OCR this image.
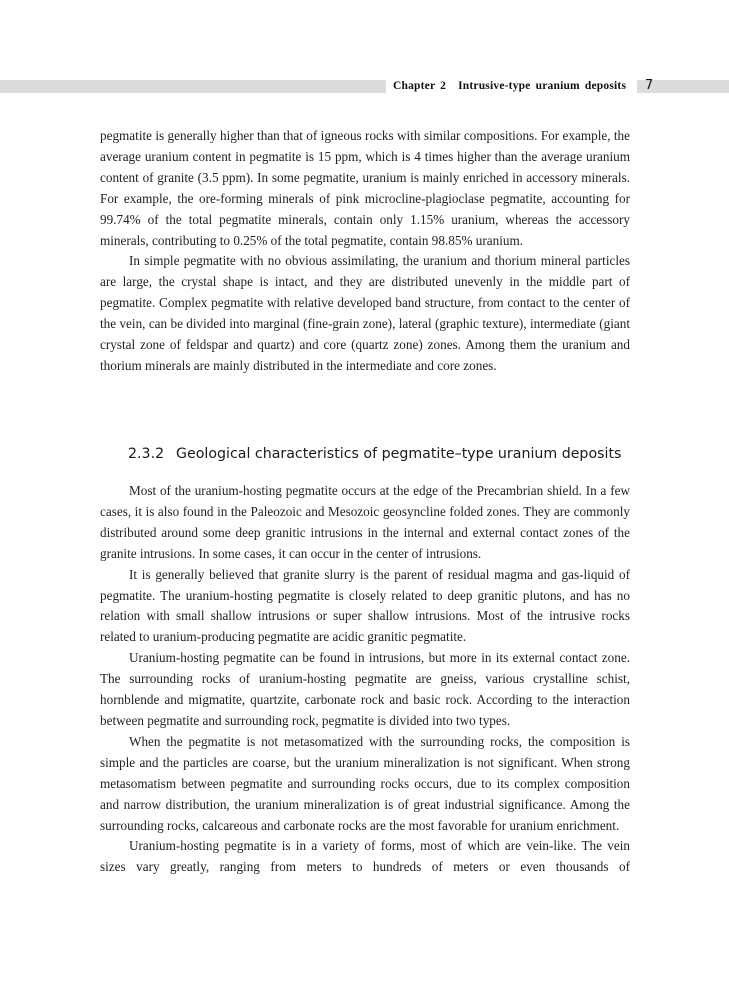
Chapter 2 Intrusive-type uranium deposits 7

pegmatite is generally higher than that of igneous rocks with similar compositions. For example, the average uranium content in pegmatite is 15 ppm, which is 4 times higher than the average uranium content of granite (3.5 ppm). In some pegmatite, uranium is mainly enriched in accessory minerals. For example, the ore-forming minerals of pink microcline-plagioclase pegmatite, accounting for 99.74% of the total pegmatite minerals, contain only 1.15% uranium, whereas the accessory minerals, contributing to 0.25% of the total pegmatite, contain 98.85% uranium.

In simple pegmatite with no obvious assimilating, the uranium and thorium mineral particles are large, the crystal shape is intact, and they are distributed unevenly in the middle part of pegmatite. Complex pegmatite with relative developed band structure, from contact to the center of the vein, can be divided into marginal (fine-grain zone), lateral (graphic texture), intermediate (giant crystal zone of feldspar and quartz) and core (quartz zone) zones. Among them the uranium and thorium minerals are mainly distributed in the intermediate and core zones.

2.3.2 Geological characteristics of pegmatite–type uranium deposits

Most of the uranium-hosting pegmatite occurs at the edge of the Precambrian shield. In a few cases, it is also found in the Paleozoic and Mesozoic geosyncline folded zones. They are commonly distributed around some deep granitic intrusions in the internal and external contact zones of the granite intrusions. In some cases, it can occur in the center of intrusions.

It is generally believed that granite slurry is the parent of residual magma and gas-liquid of pegmatite. The uranium-hosting pegmatite is closely related to deep granitic plutons, and has no relation with small shallow intrusions or super shallow intrusions. Most of the intrusive rocks related to uranium-producing pegmatite are acidic granitic pegmatite.

Uranium-hosting pegmatite can be found in intrusions, but more in its external contact zone. The surrounding rocks of uranium-hosting pegmatite are gneiss, various crystalline schist, hornblende and migmatite, quartzite, carbonate rock and basic rock. According to the interaction between pegmatite and surrounding rock, pegmatite is divided into two types.

When the pegmatite is not metasomatized with the surrounding rocks, the composition is simple and the particles are coarse, but the uranium mineralization is not significant. When strong metasomatism between pegmatite and surrounding rocks occurs, due to its complex composition and narrow distribution, the uranium mineralization is of great industrial significance. Among the surrounding rocks, calcareous and carbonate rocks are the most favorable for uranium enrichment.

Uranium-hosting pegmatite is in a variety of forms, most of which are vein-like. The vein sizes vary greatly, ranging from meters to hundreds of meters or even thousands of
